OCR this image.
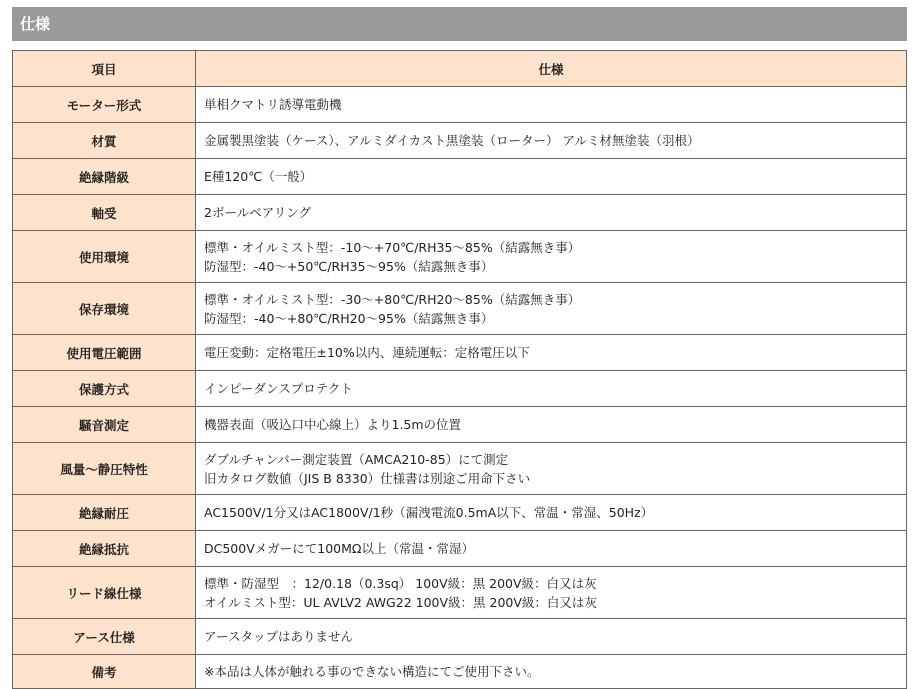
仕様
項目	仕様
モーター形式	単相クマトリ誘導電動機

材質	金属製黒塗装（ケース）、アルミダイカスト黒塗装（ローター） アルミ材無塗装（羽根）

絶縁階級	E種120℃（一般）

軸受	2ボールベアリング

使用環境	標準・オイルミスト型：-10～+70℃/RH35～85%（結露無き事）
防湿型：-40～+50℃/RH35～95%（結露無き事）

保存環境	標準・オイルミスト型：-30～+80℃/RH20～85%（結露無き事）
防湿型：-40～+80℃/RH20～95%（結露無き事）

使用電圧範囲	電圧変動：定格電圧±10%以内、連続運転：定格電圧以下

保護方式	インピーダンスプロテクト

騒音測定	機器表面（吸込口中心線上）より1.5mの位置

風量～静圧特性	ダブルチャンバー測定装置（AMCA210-85）にて測定
旧カタログ数値（JIS B 8330）仕様書は別途ご用命下さい

絶縁耐圧	AC1500V/1分又はAC1800V/1秒（漏洩電流0.5mA以下、常温・常湿、50Hz）

絶縁抵抗	DC500Vメガーにて100MΩ以上（常温・常湿）

リード線仕様	標準・防湿型　：12/0.18（0.3sq） 100V級：黒 200V級：白又は灰
オイルミスト型：UL AVLV2 AWG22 100V級：黒 200V級：白又は灰

アース仕様	アースタップはありません

備考	※本品は人体が触れる事のできない構造にてご使用下さい。
